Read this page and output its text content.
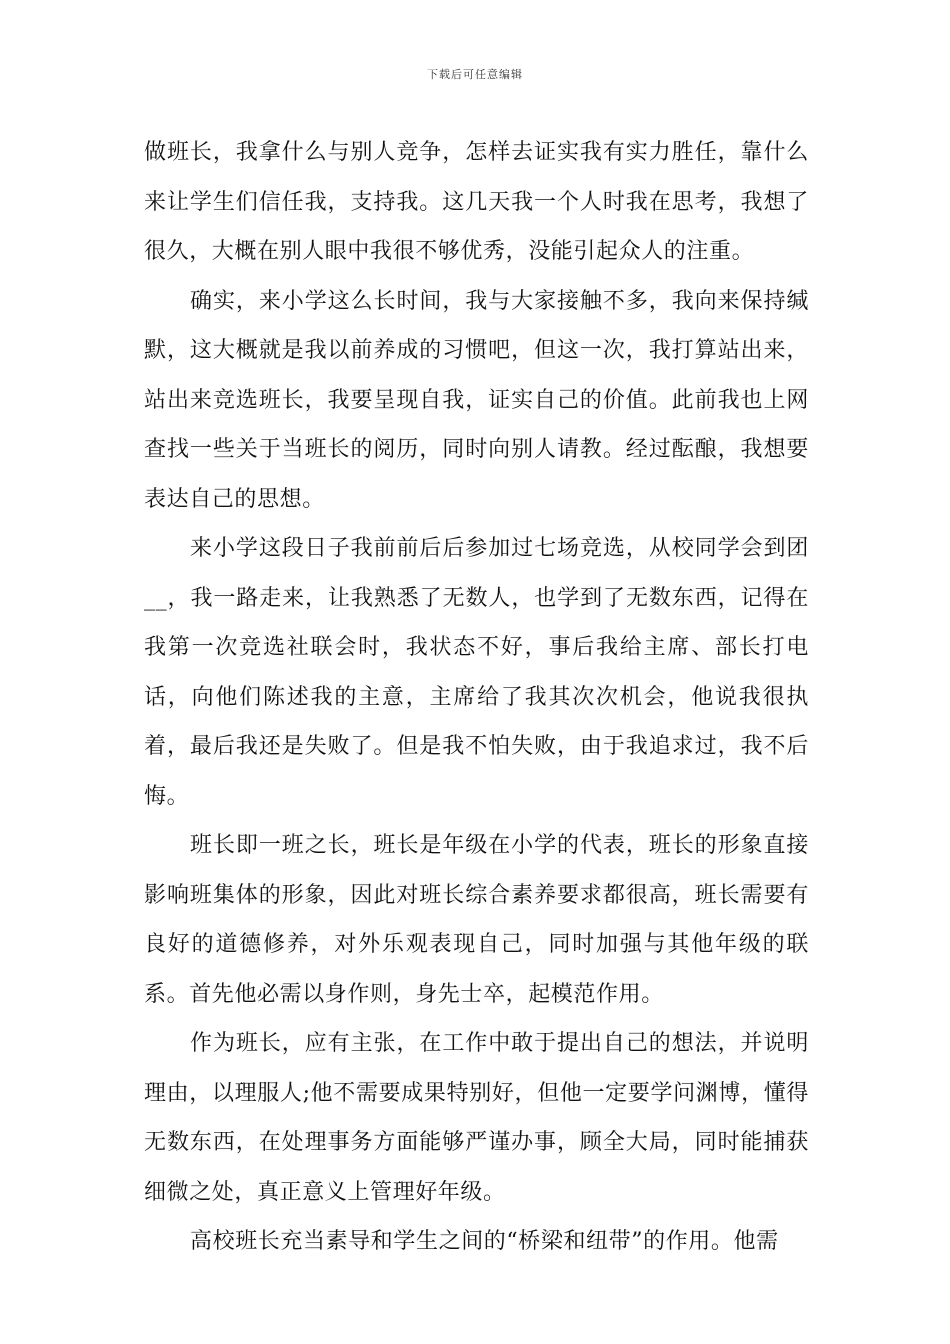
下载后可任意编辑

做班长，我拿什么与别人竞争，怎样去证实我有实力胜任，靠什么来让学生们信任我，支持我。这几天我一个人时我在思考，我想了很久，大概在别人眼中我很不够优秀，没能引起众人的注重。

确实，来小学这么长时间，我与大家接触不多，我向来保持缄默，这大概就是我以前养成的习惯吧，但这一次，我打算站出来，站出来竞选班长，我要呈现自我，证实自己的价值。此前我也上网查找一些关于当班长的阅历，同时向别人请教。经过酝酿，我想要表达自己的思想。

来小学这段日子我前前后后参加过七场竞选，从校同学会到团__，我一路走来，让我熟悉了无数人，也学到了无数东西，记得在我第一次竞选社联会时，我状态不好，事后我给主席、部长打电话，向他们陈述我的主意，主席给了我其次次机会，他说我很执着，最后我还是失败了。但是我不怕失败，由于我追求过，我不后悔。

班长即一班之长，班长是年级在小学的代表，班长的形象直接影响班集体的形象，因此对班长综合素养要求都很高，班长需要有良好的道德修养，对外乐观表现自己，同时加强与其他年级的联系。首先他必需以身作则，身先士卒，起模范作用。

作为班长，应有主张，在工作中敢于提出自己的想法，并说明理由，以理服人;他不需要成果特别好，但他一定要学问渊博，懂得无数东西，在处理事务方面能够严谨办事，顾全大局，同时能捕获细微之处，真正意义上管理好年级。

高校班长充当素导和学生之间的“桥梁和纽带”的作用。他需
